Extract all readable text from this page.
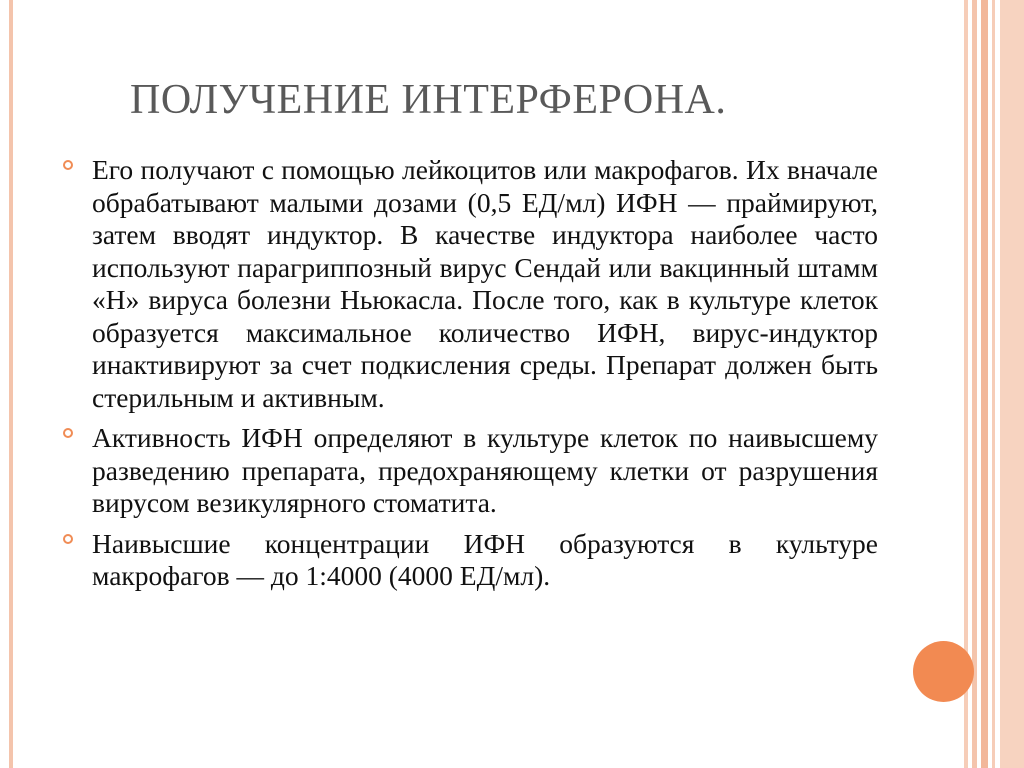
ПОЛУЧЕНИЕ ИНТЕРФЕРОНА.
Его получают с помощью лейкоцитов или макрофагов. Их вначале обрабатывают малыми дозами (0,5 ЕД/мл) ИФН — праймируют, затем вводят индуктор. В качестве индуктора наиболее часто используют парагриппозный вирус Сендай или вакцинный штамм «Н» вируса болезни Ньюкасла. После того, как в культуре клеток образуется максимальное количество ИФН, вирус-индуктор инактивируют за счет подкисления среды. Препарат должен быть стерильным и активным.
Активность ИФН определяют в культуре клеток по наивысшему разведению препарата, предохраняющему клетки от разрушения вирусом везикулярного стоматита.
Наивысшие концентрации ИФН образуются в культуре макрофагов — до 1:4000 (4000 ЕД/мл).
